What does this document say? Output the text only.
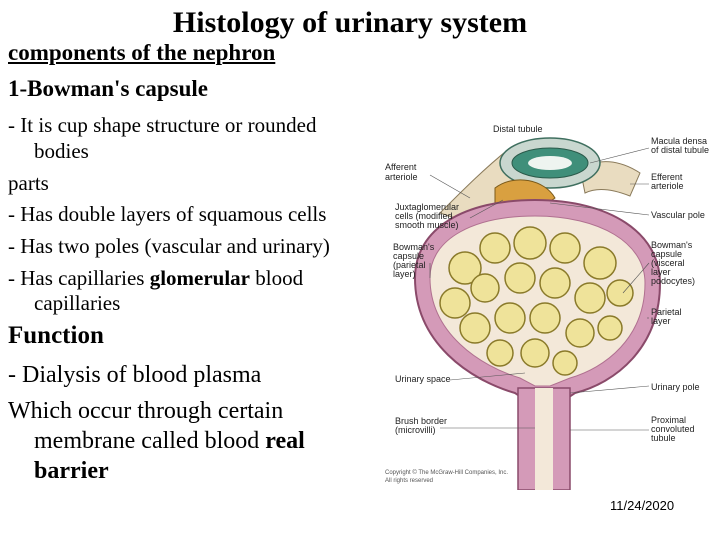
Histology of urinary system
components of the nephron
1-Bowman's capsule
- It is cup shape structure or rounded
bodies
parts
- Has double layers of squamous cells
- Has two poles (vascular and urinary)
- Has capillaries glomerular blood
capillaries
Function
- Dialysis of blood plasma
Which occur through certain
membrane called blood real
barrier
Distal tubule
Afferent
arteriole
Juxtaglomerular
cells (modified
smooth muscle)
Bowman's
capsule
(parietal
layer)
Urinary space
Brush border
(microvilli)
Macula densa
of distal tubule
Efferent
arteriole
Vascular pole
Bowman's
capsule
(visceral
layer
podocytes)
Parietal
layer
Urinary pole
Proximal
convoluted
tubule
Copyright © The McGraw-Hill Companies, Inc.
All rights reserved
11/24/2020
